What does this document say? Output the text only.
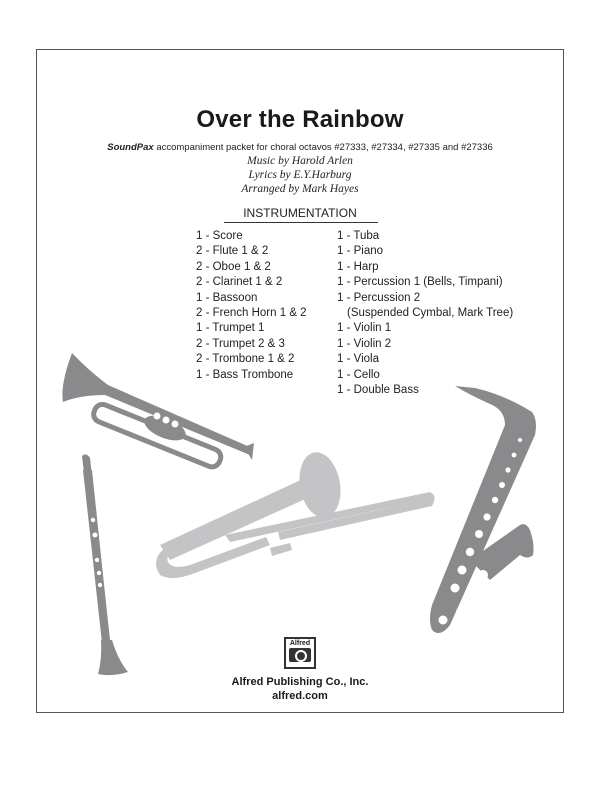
Over the Rainbow
SoundPax accompaniment packet for choral octavos #27333, #27334, #27335 and #27336
Music by Harold Arlen
Lyrics by E.Y.Harburg
Arranged by Mark Hayes
INSTRUMENTATION
1 - Score
2 - Flute 1 & 2
2 - Oboe 1 & 2
2 - Clarinet 1 & 2
1 - Bassoon
2 - French Horn 1 & 2
1 - Trumpet 1
2 - Trumpet 2 & 3
2 - Trombone 1 & 2
1 - Bass Trombone
1 - Tuba
1 - Piano
1 - Harp
1 - Percussion 1 (Bells, Timpani)
1 - Percussion 2
(Suspended Cymbal, Mark Tree)
1 - Violin 1
1 - Violin 2
1 - Viola
1 - Cello
1 - Double Bass
Alfred
Alfred Publishing Co., Inc.
alfred.com
